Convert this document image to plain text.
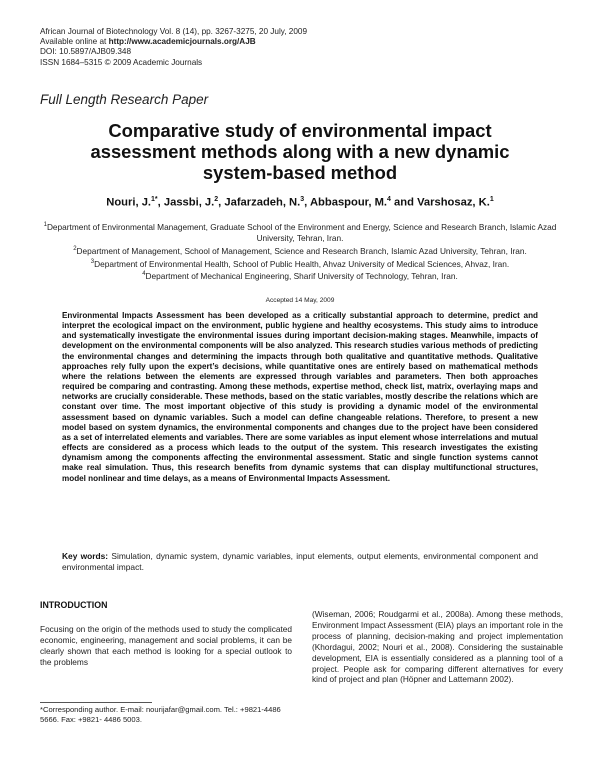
African Journal of Biotechnology Vol. 8 (14), pp. 3267-3275, 20 July, 2009
Available online at http://www.academicjournals.org/AJB
DOI: 10.5897/AJB09.348
ISSN 1684–5315 © 2009 Academic Journals
Full Length Research Paper
Comparative study of environmental impact assessment methods along with a new dynamic system-based method
Nouri, J.$^{1*}$, Jassbi, J.$^2$, Jafarzadeh, N.$^3$, Abbaspour, M.$^4$ and Varshosaz, K.$^1$
$^1$Department of Environmental Management, Graduate School of the Environment and Energy, Science and Research Branch, Islamic Azad University, Tehran, Iran.
$^2$Department of Management, School of Management, Science and Research Branch, Islamic Azad University, Tehran, Iran.
$^3$Department of Environmental Health, School of Public Health, Ahvaz University of Medical Sciences, Ahvaz, Iran.
$^4$Department of Mechanical Engineering, Sharif University of Technology, Tehran, Iran.
Accepted 14 May, 2009
Environmental Impacts Assessment has been developed as a critically substantial approach to determine, predict and interpret the ecological impact on the environment, public hygiene and healthy ecosystems. This study aims to introduce and systematically investigate the environmental issues during important decision-making stages. Meanwhile, impacts of development on the environmental components will be also analyzed. This research studies various methods of predicting the environmental changes and determining the impacts through both qualitative and quantitative methods. Qualitative approaches rely fully upon the expert’s decisions, while quantitative ones are entirely based on mathematical methods where the relations between the elements are expressed through variables and parameters. Then both approaches required be comparing and contrasting. Among these methods, expertise method, check list, matrix, overlaying maps and networks are crucially considerable. These methods, based on the static variables, mostly describe the relations which are constant over time. The most important objective of this study is providing a dynamic model of the environmental assessment based on dynamic variables. Such a model can define changeable relations. Therefore, to present a new model based on system dynamics, the environmental components and changes due to the project have been considered as a set of interrelated elements and variables. There are some variables as input element whose interrelations and mutual effects are considered as a process which leads to the output of the system. This research investigates the existing dynamism among the components affecting the environmental assessment. Static and single function systems cannot make real simulation. Thus, this research benefits from dynamic systems that can display multifunctional structures, model nonlinear and time delays, as a means of Environmental Impacts Assessment.
Key words: Simulation, dynamic system, dynamic variables, input elements, output elements, environmental component and environmental impact.
INTRODUCTION
Focusing on the origin of the methods used to study the complicated economic, engineering, management and social problems, it can be clearly shown that each method is looking for a special outlook to the problems
(Wiseman, 2006; Roudgarmi et al., 2008a). Among these methods, Environment Impact Assessment (EIA) plays an important role in the process of planning, decision-making and project implementation (Khordagui, 2002; Nouri et al., 2008). Considering the sustainable development, EIA is essentially considered as a planning tool of a project. People ask for comparing different alternatives for every kind of project and plan (Höpner and Lattemann 2002).
*Corresponding author. E-mail: nourijafar@gmail.com. Tel.: +9821-4486 5666. Fax: +9821- 4486 5003.
